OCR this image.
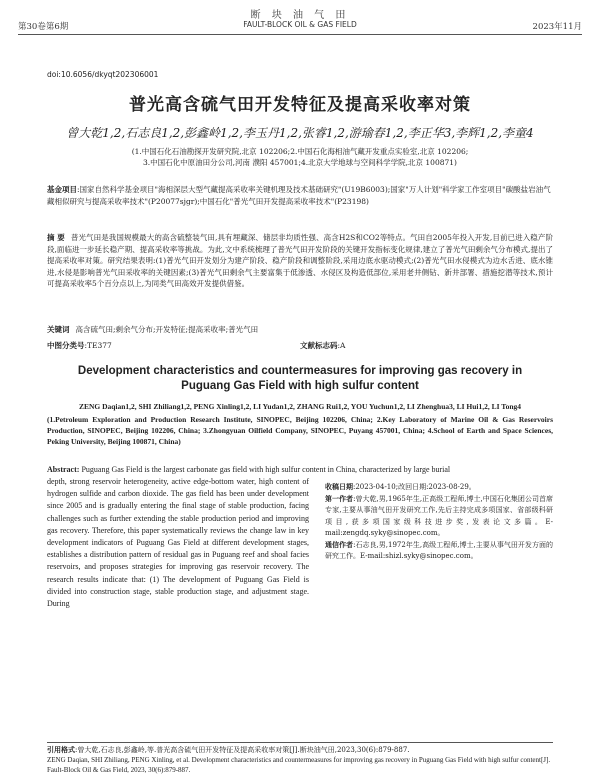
断 块 油 气 田
第30卷第6期	FAULT-BLOCK OIL & GAS FIELD	2023年11月
doi:10.6056/dkyqt202306001
普光高含硫气田开发特征及提高采收率对策
曾大乾1,2,石志良1,2,彭鑫岭1,2,李玉丹1,2,张睿1,2,游瑜春1,2,李正华3,李辉1,2,李童4
(1.中国石化石油勘探开发研究院,北京 102206;2.中国石化海相油气藏开发重点实验室,北京 102206;
3.中国石化中原油田分公司,河南 濮阳 457001;4.北京大学地球与空间科学学院,北京 100871)
基金项目:国家自然科学基金项目"海相深层大型气藏提高采收率关键机理及技术基础研究"(U19B6003);国家"万人计划"科学家工作室项目"碳酸盐岩油气藏相似研究与提高采收率技术"(P20077sjgr);中国石化"普光气田开发提高采收率技术"(P23198)
摘 要 普光气田是我国规模最大的高含硫整装气田,具有埋藏深、储层非均质性强、高含H2S和CO2等特点。气田自2005年投入开发,目前已进入稳产阶段,面临进一步延长稳产期、提高采收率等挑战。为此,文中系统梳理了普光气田开发阶段的关键开发指标变化规律,建立了普光气田剩余气分布模式,提出了提高采收率对策。研究结果表明:(1)普光气田开发划分为建产阶段、稳产阶段和调整阶段,采用边底水驱动模式;(2)普光气田水侵模式为边水舌进、底水锥进,水侵是影响普光气田采收率的关键因素;(3)普光气田剩余气主要富集于低渗透、水侵区及构造低部位,采用老井侧钻、新井部署、措施挖潜等技术,预计可提高采收率5个百分点以上,为同类气田高效开发提供借鉴。
关键词 高含硫气田;剩余气分布;开发特征;提高采收率;普光气田
中图分类号:TE377	文献标志码:A
Development characteristics and countermeasures for improving gas recovery in Puguang Gas Field with high sulfur content
ZENG Daqian1,2, SHI Zhiliang1,2, PENG Xinling1,2, LI Yudan1,2, ZHANG Rui1,2, YOU Yuchun1,2, LI Zhenghua3, LI Hui1,2, LI Tong4
(1.Petroleum Exploration and Production Research Institute, SINOPEC, Beijing 102206, China; 2.Key Laboratory of Marine Oil & Gas Reservoirs Production, SINOPEC, Beijing 102206, China; 3.Zhongyuan Oilfield Company, SINOPEC, Puyang 457001, China; 4.School of Earth and Space Sciences, Peking University, Beijing 100871, China)
Abstract: Puguang Gas Field is the largest carbonate gas field with high sulfur content in China, characterized by large burial
depth, strong reservoir heterogeneity, active edge-bottom water, high content of hydrogen sulfide and carbon dioxide. The gas field has been under development since 2005 and is gradually entering the final stage of stable production, facing challenges such as further extending the stable production period and improving gas recovery. Therefore, this paper systematically reviews the change law in key development indicators of Puguang Gas Field at different development stages, establishes a distribution pattern of residual gas in Puguang reef and shoal facies reservoirs, and proposes strategies for improving gas reservoir recovery. The research results indicate that: (1) The development of Puguang Gas Field is divided into construction stage, stable production stage, and adjustment stage. During

收稿日期:2023-04-10;改回日期:2023-08-29。

第一作者:曾大乾,男,1965年生,正高级工程师,博士,中国石化集团公司首席专家,主要从事油气田开发研究工作,先后主持完成多项国家、省部级科研项目,获多项国家级科技进步奖,发表论文多篇。E-mail:zengdq.syky@sinopec.com。

通信作者:石志良,男,1972年生,高级工程师,博士,主要从事气田开发方面的研究工作。E-mail:shizl.syky@sinopec.com。

引用格式:曾大乾,石志良,彭鑫岭,等.普光高含硫气田开发特征及提高采收率对策[J].断块油气田,2023,30(6):879-887.
ZENG Daqian, SHI Zhiliang, PENG Xinling, et al. Development characteristics and countermeasures for improving gas recovery in Puguang Gas Field with high sulfur content[J]. Fault-Block Oil & Gas Field, 2023, 30(6):879-887.
